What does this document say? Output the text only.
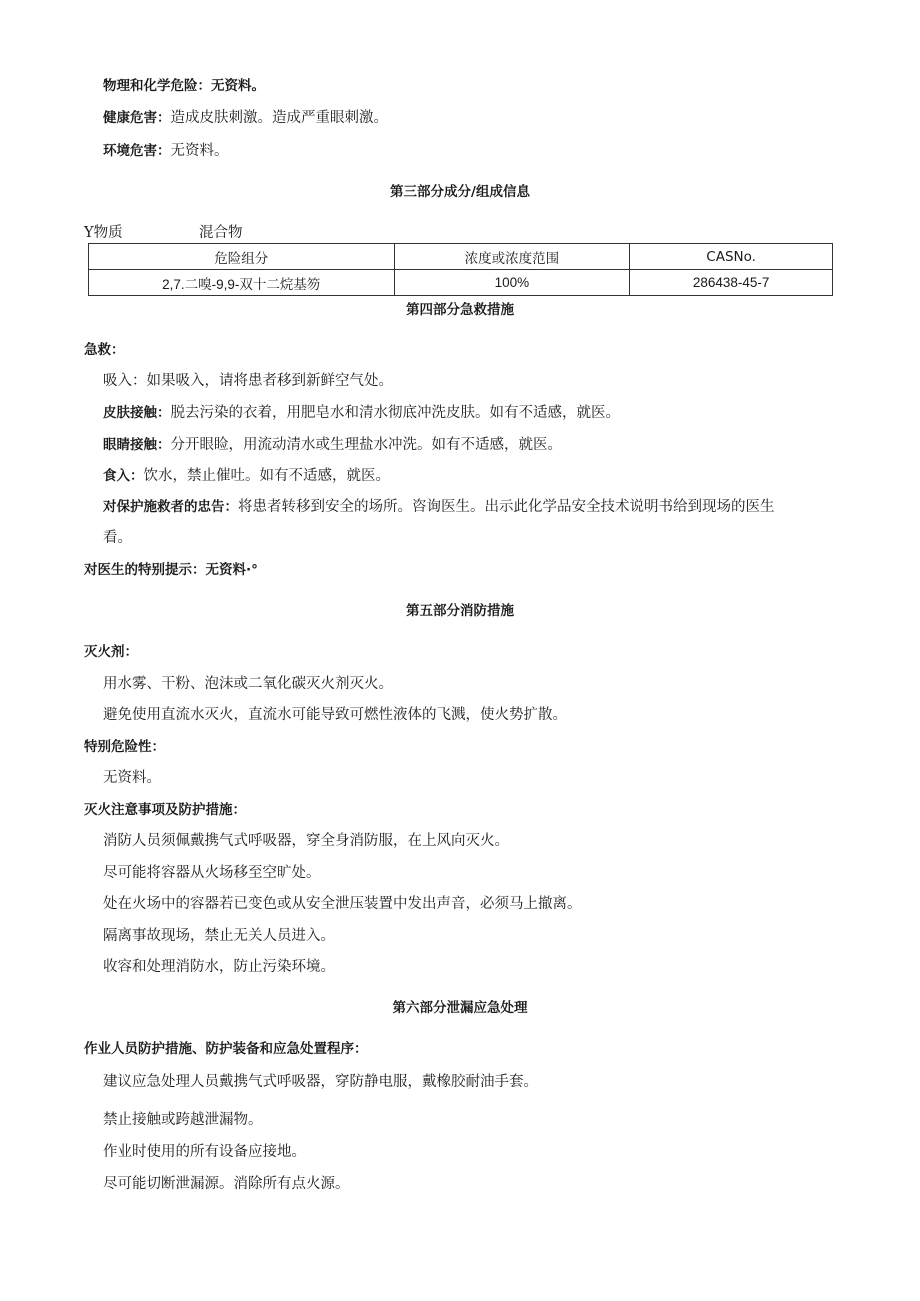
物理和化学危险：无资料。
健康危害：造成皮肤刺激。造成严重眼刺激。
环境危害：无资料。
第三部分成分/组成信息
Y物质	混合物
危险组分	浓度或浓度范围	CASNo.
2,7.二嗅-9,9-双十二烷基笏	100%	286438-45-7
第四部分急救措施
急救：
吸入：如果吸入，请将患者移到新鲜空气处。
皮肤接触：脱去污染的衣着，用肥皂水和清水彻底冲洗皮肤。如有不适感，就医。
眼睛接触：分开眼睑，用流动清水或生理盐水冲洗。如有不适感，就医。
食入：饮水，禁止催吐。如有不适感，就医。
对保护施救者的忠告：将患者转移到安全的场所。咨询医生。出示此化学品安全技术说明书给到现场的医生
看。
对医生的特别提示：无资料·°
第五部分消防措施
灭火剂：
用水雾、干粉、泡沫或二氧化碳灭火剂灭火。
避免使用直流水灭火，直流水可能导致可燃性液体的飞溅，使火势扩散。
特别危险性：
无资料。
灭火注意事项及防护措施：
消防人员须佩戴携气式呼吸器，穿全身消防服，在上风向灭火。
尽可能将容器从火场移至空旷处。
处在火场中的容器若已变色或从安全泄压装置中发出声音，必须马上撤离。
隔离事故现场，禁止无关人员进入。
收容和处理消防水，防止污染环境。
第六部分泄漏应急处理
作业人员防护措施、防护装备和应急处置程序：
建议应急处理人员戴携气式呼吸器，穿防静电服，戴橡胶耐油手套。
禁止接触或跨越泄漏物。
作业时使用的所有设备应接地。
尽可能切断泄漏源。消除所有点火源。
